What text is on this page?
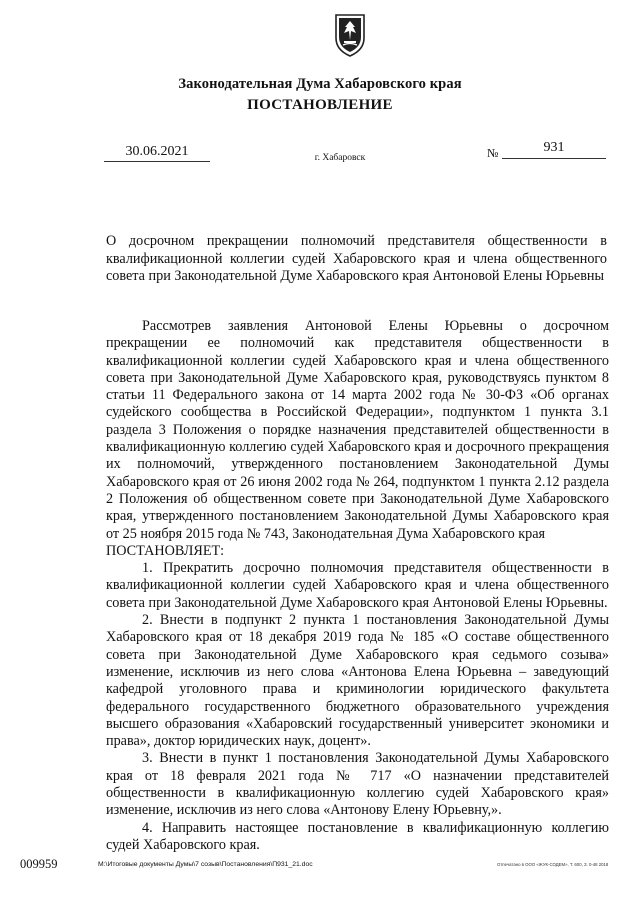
Законодательная Дума Хабаровского края
ПОСТАНОВЛЕНИЕ
30.06.2021	г. Хабаровск	№	931
О досрочном прекращении полномочий представителя общественности в квалификационной коллегии судей Хабаровского края и члена общественного совета при Законодательной Думе Хабаровского края Антоновой Елены Юрьевны

Рассмотрев заявления Антоновой Елены Юрьевны о досрочном прекращении ее полномочий как представителя общественности в квалификационной коллегии судей Хабаровского края и члена общественного совета при Законодательной Думе Хабаровского края, руководствуясь пунктом 8 статьи 11 Федерального закона от 14 марта 2002 года № 30-ФЗ «Об органах судейского сообщества в Российской Федерации», подпунктом 1 пункта 3.1 раздела 3 Положения о порядке назначения представителей общественности в квалификационную коллегию судей Хабаровского края и досрочного прекращения их полномочий, утвержденного постановлением Законодательной Думы Хабаровского края от 26 июня 2002 года № 264, подпунктом 1 пункта 2.12 раздела 2 Положения об общественном совете при Законодательной Думе Хабаровского края, утвержденного постановлением Законодательной Думы Хабаровского края от 25 ноября 2015 года № 743, Законодательная Дума Хабаровского края

ПОСТАНОВЛЯЕТ:

1. Прекратить досрочно полномочия представителя общественности в квалификационной коллегии судей Хабаровского края и члена общественного совета при Законодательной Думе Хабаровского края Антоновой Елены Юрьевны.

2. Внести в подпункт 2 пункта 1 постановления Законодательной Думы Хабаровского края от 18 декабря 2019 года № 185 «О составе общественного совета при Законодательной Думе Хабаровского края седьмого созыва» изменение, исключив из него слова «Антонова Елена Юрьевна – заведующий кафедрой уголовного права и криминологии юридического факультета федерального государственного бюджетного образовательного учреждения высшего образования «Хабаровский государственный университет экономики и права», доктор юридических наук, доцент».

3. Внести в пункт 1 постановления Законодательной Думы Хабаровского края от 18 февраля 2021 года № 717 «О назначении представителей общественности в квалификационную коллегию судей Хабаровского края» изменение, исключив из него слова «Антонову Елену Юрьевну,».

4. Направить настоящее постановление в квалификационную коллегию судей Хабаровского края.

009959	M:\Итоговые документы Думы\7 созыв\Постановления\П931_21.doc	Отпечатано в ООО «ЖУК-СОДЕМ», Т. 600, З. 0-48 2018
